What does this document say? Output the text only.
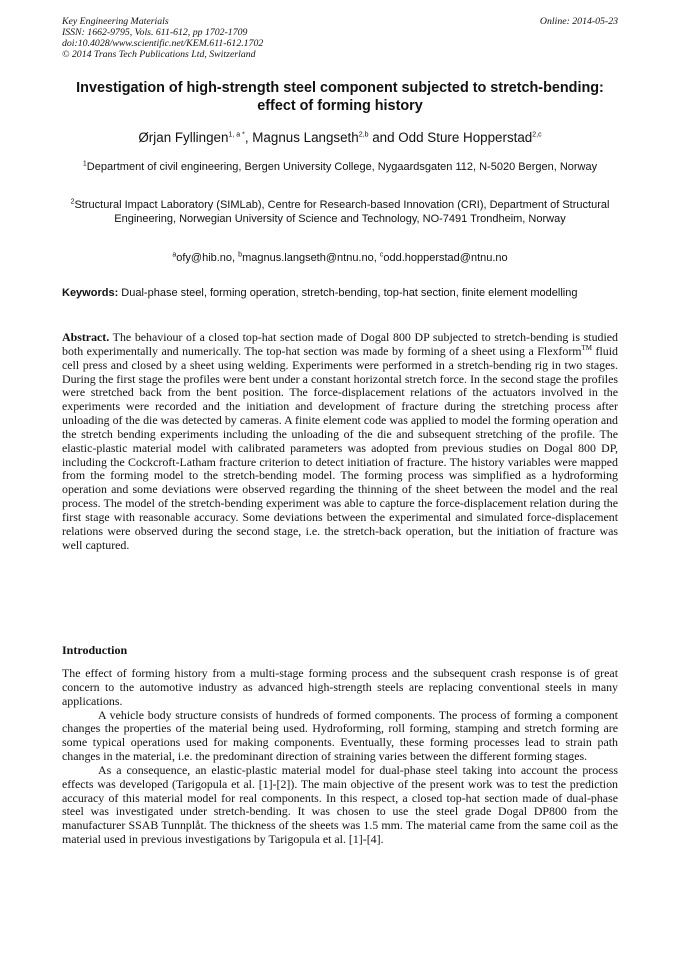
Key Engineering Materials
ISSN: 1662-9795, Vols. 611-612, pp 1702-1709
doi:10.4028/www.scientific.net/KEM.611-612.1702
© 2014 Trans Tech Publications Ltd, Switzerland
Online: 2014-05-23
Investigation of high-strength steel component subjected to stretch-bending: effect of forming history
Ørjan Fyllingen$^{1, a *}$, Magnus Langseth$^{2,b}$ and Odd Sture Hopperstad$^{2,c}$
$^1$Department of civil engineering, Bergen University College, Nygaardsgaten 112, N-5020 Bergen, Norway
$^2$Structural Impact Laboratory (SIMLab), Centre for Research-based Innovation (CRI), Department of Structural Engineering, Norwegian University of Science and Technology, NO-7491 Trondheim, Norway
$^a$ofy@hib.no, $^b$magnus.langseth@ntnu.no, $^c$odd.hopperstad@ntnu.no
Keywords: Dual-phase steel, forming operation, stretch-bending, top-hat section, finite element modelling

Abstract. The behaviour of a closed top-hat section made of Dogal 800 DP subjected to stretch-bending is studied both experimentally and numerically. The top-hat section was made by forming of a sheet using a Flexform™ fluid cell press and closed by a sheet using welding. Experiments were performed in a stretch-bending rig in two stages. During the first stage the profiles were bent under a constant horizontal stretch force. In the second stage the profiles were stretched back from the bent position. The force-displacement relations of the actuators involved in the experiments were recorded and the initiation and development of fracture during the stretching process after unloading of the die was detected by cameras. A finite element code was applied to model the forming operation and the stretch bending experiments including the unloading of the die and subsequent stretching of the profile. The elastic-plastic material model with calibrated parameters was adopted from previous studies on Dogal 800 DP, including the Cockcroft-Latham fracture criterion to detect initiation of fracture. The history variables were mapped from the forming model to the stretch-bending model. The forming process was simplified as a hydroforming operation and some deviations were observed regarding the thinning of the sheet between the model and the real process. The model of the stretch-bending experiment was able to capture the force-displacement relation during the first stage with reasonable accuracy. Some deviations between the experimental and simulated force-displacement relations were observed during the second stage, i.e. the stretch-back operation, but the initiation of fracture was well captured.

Introduction

The effect of forming history from a multi-stage forming process and the subsequent crash response is of great concern to the automotive industry as advanced high-strength steels are replacing conventional steels in many applications.

A vehicle body structure consists of hundreds of formed components. The process of forming a component changes the properties of the material being used. Hydroforming, roll forming, stamping and stretch forming are some typical operations used for making components. Eventually, these forming processes lead to strain path changes in the material, i.e. the predominant direction of straining varies between the different forming stages.

As a consequence, an elastic-plastic material model for dual-phase steel taking into account the process effects was developed (Tarigopula et al. [1]-[2]). The main objective of the present work was to test the prediction accuracy of this material model for real components. In this respect, a closed top-hat section made of dual-phase steel was investigated under stretch-bending. It was chosen to use the steel grade Dogal DP800 from the manufacturer SSAB Tunnplåt. The thickness of the sheets was 1.5 mm. The material came from the same coil as the material used in previous investigations by Tarigopula et al. [1]-[4].
